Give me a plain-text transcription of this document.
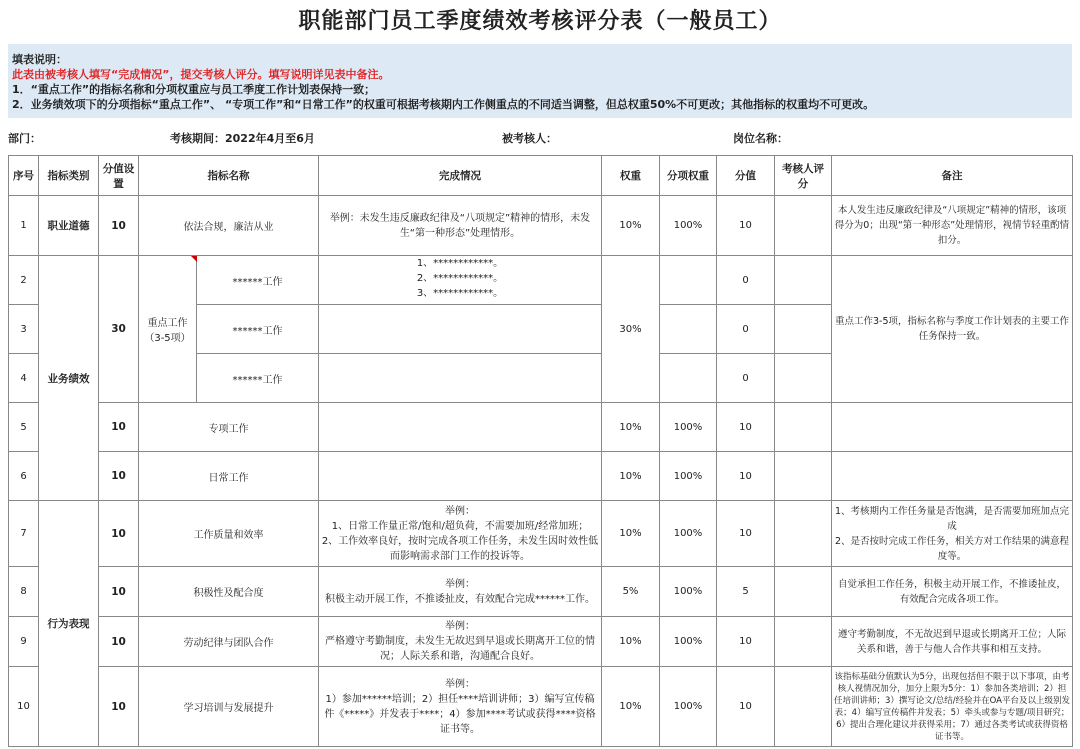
职能部门员工季度绩效考核评分表（一般员工）
填表说明：
此表由被考核人填写“完成情况”，提交考核人评分。填写说明详见表中备注。
1．“重点工作”的指标名称和分项权重应与员工季度工作计划表保持一致；
2．业务绩效项下的分项指标“重点工作”、 “专项工作”和“日常工作”的权重可根据考核期内工作侧重点的不同适当调整，但总权重50%不可更改；其他指标的权重均不可更改。
部门：	考核期间：2022年4月至6月	被考核人：	岗位名称：
序号	指标类别	分值设置	指标名称		完成情况	权重	分项权重	分值	考核人评分	备注
1	职业道德	10	依法合规，廉洁从业		举例：未发生违反廉政纪律及“八项规定”精神的情形，未发生“第一种形态”处理情形。	10%	100%	10		本人发生违反廉政纪律及“八项规定”精神的情形，该项得分为0；出现“第一种形态”处理情形，视情节轻重酌情扣分。
2	业务绩效	30	重点工作（3-5项）	******工作	1、************。
2、************。
3、************。	30%		0		重点工作3-5项，指标名称与季度工作计划表的主要工作任务保持一致。
3				******工作				0		
4				******工作				0		
5		10	专项工作			10%	100%	10		
6		10	日常工作			10%	100%	10		
7	行为表现	10	工作质量和效率		举例：
1、日常工作量正常/饱和/超负荷，不需要加班/经常加班；
2、工作效率良好，按时完成各项工作任务，未发生因时效性低而影响需求部门工作的投诉等。	10%	100%	10		1、考核期内工作任务量是否饱满，是否需要加班加点完成
2、是否按时完成工作任务，相关方对工作结果的满意程度等。
8		10	积极性及配合度		举例：
积极主动开展工作，不推诿扯皮，有效配合完成******工作。	5%	100%	5		自觉承担工作任务，积极主动开展工作，不推诿扯皮，有效配合完成各项工作。
9		10	劳动纪律与团队合作		举例：
严格遵守考勤制度，未发生无故迟到早退或长期离开工位的情况；人际关系和谐，沟通配合良好。	10%	100%	10		遵守考勤制度，不无故迟到早退或长期离开工位；人际关系和谐，善于与他人合作共事和相互支持。
10		10	学习培训与发展提升		举例：
1）参加******培训；2）担任****培训讲师；3）编写宣传稿件《*****》并发表于****；4）参加****考试或获得****资格证书等。	10%	100%	10		该指标基础分值默认为5分，出现包括但不限于以下事项，由考核人视情况加分，加分上限为5分：1）参加各类培训；2）担任培训讲师；3）撰写论文/总结/经验并在OA平台及以上级别发表；4）编写宣传稿件并发表；5）牵头或参与专题/项目研究；6）提出合理化建议并获得采用；7）通过各类考试或获得资格证书等。
